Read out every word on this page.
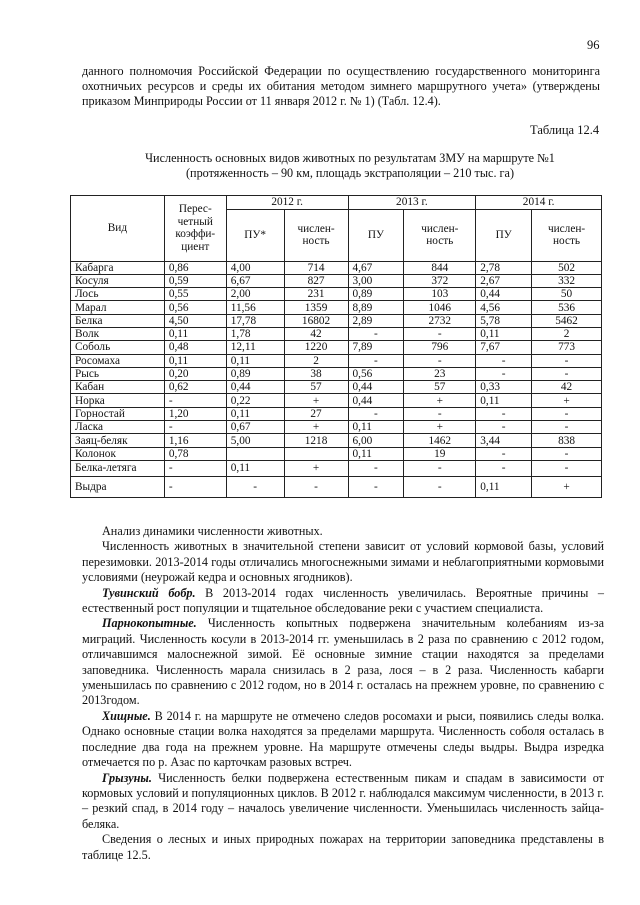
96
данного полномочия Российской Федерации по осуществлению государственного мониторинга охотничьих ресурсов и среды их обитания методом зимнего маршрутного учета» (утверждены приказом Минприроды России от 11 января 2012 г. № 1) (Табл. 12.4).
Таблица 12.4
Численность основных видов животных по результатам ЗМУ на маршруте №1
(протяженность – 90 км, площадь экстраполяции – 210 тыс. га)
Вид	Перес-
четный
коэффи-
циент	2012 г.		2013 г.		2014 г.	
		ПУ*	числен-
ность	ПУ	числен-
ность	ПУ	числен-
ность
Кабарга	0,86	4,00	714	4,67	844	2,78	502
Косуля	0,59	6,67	827	3,00	372	2,67	332
Лось	0,55	2,00	231	0,89	103	0,44	50
Марал	0,56	11,56	1359	8,89	1046	4,56	536
Белка	4,50	17,78	16802	2,89	2732	5,78	5462
Волк	0,11	1,78	42	-	-	0,11	2
Соболь	0,48	12,11	1220	7,89	796	7,67	773
Росомаха	0,11	0,11	2	-	-	-	-
Рысь	0,20	0,89	38	0,56	23	-	-
Кабан	0,62	0,44	57	0,44	57	0,33	42
Норка	-	0,22	+	0,44	+	0,11	+
Горностай	1,20	0,11	27	-	-	-	-
Ласка	-	0,67	+	0,11	+	-	-
Заяц-беляк	1,16	5,00	1218	6,00	1462	3,44	838
Колонок	0,78			0,11	19	-	-
Белка-летяга	-	0,11	+	-	-	-	-
Выдра	-	-	-	-	-	0,11	+

Анализ динамики численности животных.

Численность животных в значительной степени зависит от условий кормовой базы, условий перезимовки. 2013-2014 годы отличались многоснежными зимами и неблагоприятными кормовыми условиями (неурожай кедра и основных ягодников).

Тувинский бобр. В 2013-2014 годах численность увеличилась. Вероятные причины – естественный рост популяции и тщательное обследование реки с участием специалиста.

Парнокопытные. Численность копытных подвержена значительным колебаниям из-за миграций. Численность косули в 2013-2014 гг. уменьшилась в 2 раза по сравнению с 2012 годом, отличавшимся малоснежной зимой. Её основные зимние стации находятся за пределами заповедника. Численность марала снизилась в 2 раза, лося – в 2 раза. Численность кабарги уменьшилась по сравнению с 2012 годом, но в 2014 г. осталась на прежнем уровне, по сравнению с 2013годом.

Хищные. В 2014 г. на маршруте не отмечено следов росомахи и рыси, появились следы волка. Однако основные стации волка находятся за пределами маршрута. Численность соболя осталась в последние два года на прежнем уровне. На маршруте отмечены следы выдры. Выдра изредка отмечается по р. Азас по карточкам разовых встреч.

Грызуны. Численность белки подвержена естественным пикам и спадам в зависимости от кормовых условий и популяционных циклов. В 2012 г. наблюдался максимум численности, в 2013 г. – резкий спад, в 2014 году – началось увеличение численности. Уменьшилась численность зайца-беляка.

Сведения о лесных и иных природных пожарах на территории заповедника представлены в таблице 12.5.
